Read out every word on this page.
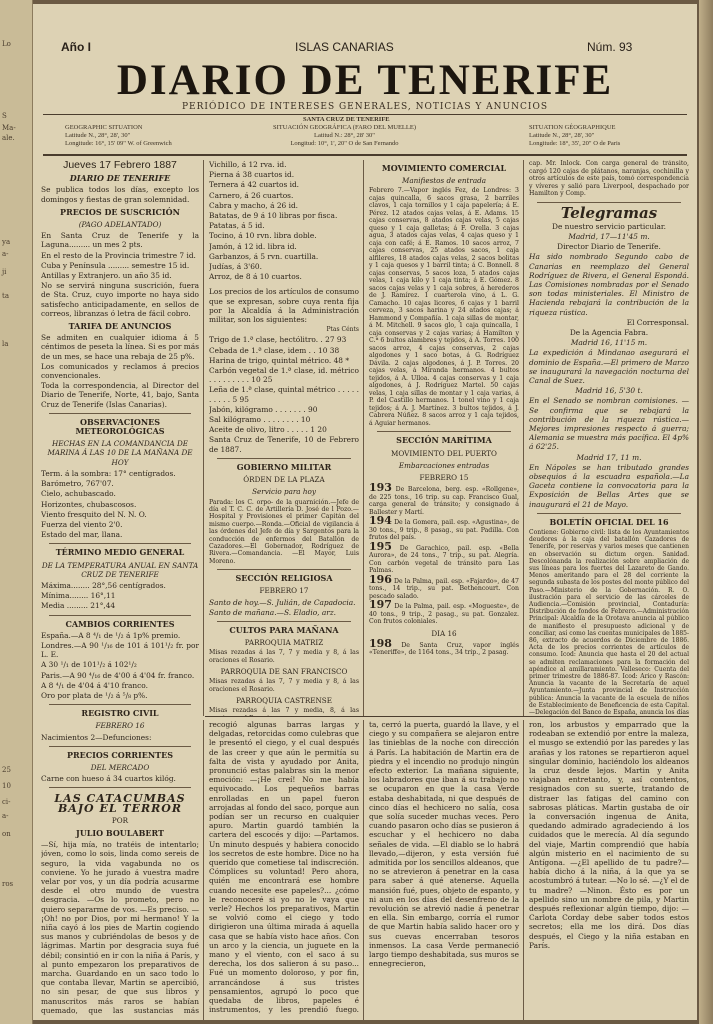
Lo
S
Ma-
ale.
ya
a-
ji
ta
la
25
10
ci-
a-
on
ros
Año I	ISLAS CANARIAS	Núm. 93
DIARIO DE TENERIFE
PERIÓDICO DE INTERESES GENERALES, NOTICIAS Y ANUNCIOS
SANTA CRUZ DE TENERIFE
GEOGRAPHIC SITUATION
Latitude N., 28°, 28', 30"
Longitude: 16°, 15' 09" W. of Greenwich
SITUACIÓN GEOGRÁFICA (FARO DEL MUELLE)
Latitud N.: 28°, 28' 30"
Longitud: 10°, 1', 20" O de San Fernando
SITUATION GÉOGRAPHIQUE
Latitude N., 28°, 28', 30"
Longitude: 18°, 35', 20" O de Paris
Jueves 17 Febrero 1887
DIARIO DE TENERIFE

Se publica todos los días, excepto los domingos y fiestas de gran solemnidad.

PRECIOS DE SUSCRICIÓN
(PAGO ADELANTADO)

En Santa Cruz de Tenerife y la Laguna......... un mes 2 pts.

En el resto de la Provincia trimestre 7 id.

Cuba y Península ......... semestre 15 id.

Antillas y Extranjero. un año 35 id.

No se servirá ninguna suscrición, fuera de Sta. Cruz, cuyo importe no haya sido satisfecho anticipadamente, en sellos de correos, libranzas ó letra de fácil cobro.

TARIFA DE ANUNCIOS

Se admiten en cualquier idioma á 5 céntimos de peseta la línea. Si es por más de un mes, se hace una rebaja de 25 p%.

Los comunicados y reclamos á precios convencionales.

Toda la correspondencia, al Director del Diario de Tenerife, Norte, 41, bajo, Santa Cruz de Tenerife (Islas Canarias).

OBSERVACIONES METEOROLÓGICAS
HECHAS EN LA COMANDANCIA DE MARINA Á LAS 10 DE LA MAÑANA DE HOY

Term. á la sombra: 17° centígrados.

Barómetro, 767'07.

Cielo, achubascado.

Horizontes, chubascosos.

Viento fresquito del N. N. O.

Fuerza del viento 2'0.

Estado del mar, llana.

TÉRMINO MEDIO GENERAL
DE LA TEMPERATURA ANUAL EN SANTA CRUZ DE TENERIFE

Máxima........ 28°,56 centígrados.

Mínima........ 16°,11

Media ......... 21°,44

CAMBIOS CORRIENTES

España.—A 8 ⁴/₁ de ¹/₂ á 1p% premio.

Londres.—A 90 ¹/₁₆ de 101 á 101¹/₂ fr. por L. E.

A 30 ¹/₁ de 101¹/₂ á 102¹/₂

Paris.—A 90 ⁴/₁₆ de 4'00 á 4'04 fr. franco.

A 8 ⁴/₁ de 4'04 á 4'10 franco.

Oro por plata de ¹/₂ á ⁵/₈ p%.

REGISTRO CIVIL
FEBRERO 16

Nacimientos 2—Defunciones:

PRECIOS CORRIENTES
DEL MERCADO

Carne con hueso á 34 cuartos kilóg.

LAS CATACUMBAS BAJO EL TERROR
POR
JULIO BOULABERT

—Sí, hija mía, no tratéis de intentarlo; jóven, como lo sois, linda como sereis de seguro, la vida vagabunda no os conviene. Yo he jurado á vuestra madre velar por vos, y un día podría acusarme desde el otro mundo de vuestra desgracia. —Os lo prometo, pero no quiero separarme de vos. —Es preciso. —¡Oh! no por Dios, por mi hermano! Y la niña cayó á los pies de Martin cogiendo sus manos y cubriéndolas de besos y de lágrimas. Martin por desgracia suya fué débil; consintió en ir con la niña á París, y al punto empezaron los preparativos de marcha. Guardando en un saco todo lo que contaba llevar, Martin se apercibió, no sin pesar, de que sus libros y manuscritos más raros se habían quemado, que las sustancias más

Vichillo, á 12 rva. id.

Pierna á 38 cuartos id.

Ternera á 42 cuartos id.

Carnero, á 26 cuartos.

Cabra y macho, á 26 id.

Batatas, de 9 á 10 libras por fisca.

Patatas, á 5 id.

Tocino, á 10 rvn. libra doble.

Jamón, á 12 id. libra id.

Garbanzos, á 5 rvn. cuartilla.

Judías, á 3'60.

Arroz, de 8 á 10 cuartos.

Los precios de los artículos de consumo que se expresan, sobre cuya renta fija por la Alcaldía á la Administración militar, son los siguientes:

Ptas Cénts

Trigo de 1.ª clase, hectólitro. . 27 93

Cebada de 1.ª clase, idem . . 10 38

Harina de trigo, quintal métrico. 48 *

Carbón vegetal de 1.ª clase, id. métrico . . . . . . . . . 10 25

Leña de 1.ª clase, quintal métrico . . . . . . . . . . 5 95

Jabón, kilógramo . . . . . . . 90

Sal kilógramo . . . . . . . . 10

Aceite de olivo, litro . . . . . 1 20

Santa Cruz de Tenerife, 10 de Febrero de 1887.

GOBIERNO MILITAR
ÓRDEN DE LA PLAZA
Servicio para hoy

Parada: los C. orpo- de la guarnición.—Jefe de día el T. C. C. de Artillería D. José de l Pozo.—Hospital y Provisiones el primer Capitán del mismo cuerpo.—Ronda.—Oficial de vigilancia á las órdenes del Jefe de día y Sargentos para la conducción de enfermos del Batallón de Cazadores.—El Gobernador, Rodríguez de Rivera.—Comandancia. —El Mayor, Luis Moreno.

SECCIÓN RELIGIOSA
FEBRERO 17

Santo de hoy.—S. Julián, de Capadocia.

Santo de mañana.—S. Eladio, arz.

CULTOS PARA MAÑANA
PARROQUIA MATRIZ

Misas rezadas á las 7, 7 y media y 8, á las oraciones el Rosario.

PARROQUIA DE SAN FRANCISCO

Misas rezadas á las 7, 7 y media y 8, á las oraciones el Rosario.

PARROQUIA CASTRENSE

Misas rezadas á las 7 y media, 8, á las

MOVIMIENTO COMERCIAL
Manifiestos de entrada

Febrero 7.—Vapor inglés Fez, de Londres: 3 cajas quincalla, 6 sacos grasa, 2 barriles clavos, 1 caja tornillos y 1 caja papelería; á E. Pérez. 12 atados cajas velas, á E. Adams. 15 cajas conservas, 8 atados cajas velas, 5 cajas queso y 1 caja galletas; á F. Orella. 3 cajas agua, 3 atados cajas velas, 4 cajas queso y 1 caja con café; á E. Ramos. 10 sacos arroz, 7 cajas conservas, 25 atados sacos, 1 caja alfileres, 18 atados cajas velas, 2 sacos bolitas y 1 caja quesos y 1 barril tinta; á C. Bonnell. 8 cajas conservas, 5 sacos loza, 5 atados cajas velas, 1 caja kilo y 1 caja tinta; á E. Gómez. 8 sacos cajas velas y 1 caja sobres, á herederos de J. Ramírez. 1 cuarterola vino, á L. G. Camacho. 10 cajas licores, 6 cajas y 1 barril cerveza, 3 sacos harina y 24 atados cajas; á Hammond y Compañía. 1 caja sillas de montar, á M. Mitchell. 9 sacos glo, 1 caja quincalla, 1 caja conservas y 2 cajas varias; á Hamilton y C.ª 6 bultos alambres y tejidos, á A. Torres. 100 sacos arroz, 4 cajas conservas, 2 cajas algodones y 1 saco botas, á G. Rodríguez Dávila. 2 cajas algodones, á J. P. Torres. 20 cajas velas, á Miranda hermanos. 4 bultos tejidos, á A. Ulloa. 4 cajas conservas y 1 caja algodones, á J. Rodríguez Martel. 50 cajas velas, 1 caja sillas de montar y 1 caja varias, á P. del Castillo hermanos. 1 tonel vino y 1 caja tejidos; á A. J. Martínez. 3 bultos tejidos, á J. Cabrera Núñez. 8 sacos arroz y 1 caja tejidos, á Aguiar hermanos.

SECCIÓN MARÍTIMA
MOVIMIENTO DEL PUERTO
Embarcaciones entradas
FEBRERO 15

193 De Barcelona, berg. esp. «Rollgene», de 225 tons., 16 trip. su cap. Francisco Gual, carga general de tránsito; y consignado á Ballester y Martí.

194 De la Gomera, pail. esp. «Agustina», de 30 tons., 9 trip., 8 pasag., su pat. Padilla. Con frutos del país.

195 De Garachico, pail. esp. «Bella Aurora», de 24 tons., 7 trip., su pat. Alegría. Con carbón vegetal de tránsito para Las Palmas.

196 De la Palma, pail. esp. «Fajardo», de 47 tons., 14 trip., su pat. Bethencourt. Con pescado salado.

197 De la Palma, pail. esp. «Mogueste», de 40 tons., 9 trip., 2 pasag., su pat. Gonzalez. Con frutos coloniales.

DIA 16

198 De Santa Cruz, vapor inglés «Teneriffe», de 1164 tons., 34 trip., 2 pasag.

cap. Mr. Inlock. Con carga general de tránsito, cargó 120 cajas de plátanos, naranjas, cochinilla y otros artículos de este país, tomó correspondencia y víveres y salió para Liverpool, despachado por Hamilton y Comp.

Telegramas

De nuestro servicio particular.

Madrid, 17—11'45 m.

Director Diario de Tenerife.

Ha sido nombrado Segundo cabo de Canarias en reemplazo del General Rodríguez de Rivera, el General Espondá. Las Comisiones nombradas por el Senado son todas ministeriales. El Ministro de Hacienda rebajará la contribución de la riqueza rústica.

El Corresponsal.

De la Agencia Fabra.

Madrid 16, 11'15 m.

La expedición á Mindanao asegurará el dominio de España.—El primero de Marzo se inaugurará la navegación nocturna del Canal de Suez.

Madrid 16, 5'30 t.

En el Senado se nombran comisiones. —Se confirma que se rebajará la contribución de la riqueza rústica.—Mejores impresiones respecto á guerra; Alemania se muestra más pacífica. El 4p% á 62'25.

Madrid 17, 11 m.

En Nápoles se han tributado grandes obsequios á la escuadra española.—La Gaceta contiene la convocatoria para la Exposición de Bellas Artes que se inaugurará el 21 de Mayo.

BOLETÍN OFICIAL DEL 16

Contiene: Gobierno civil: lista de los Ayuntamientos deudores á la caja del batallón Cazadores de Tenerife, por reservas y varios meses que cantienen en observación su dictum orgen. Sanidad. Descolónanda la realización sobre ampliación de sus líneas para los fuertes del Lazareto de Gando. Menos ameritando para el 28 del corriente la segunda subasta de los postes del monte público del Paso.—Ministerio de la Gobernación. R. O. ilustración para el servicio de las cárceles de Audiencia.—Comisión provincial, Contaduría: Distribución de fondos de Febrero.—Administración Principal: Alcaldía de la Orotava anuncia al público de manifiesto el presupuesto adicional y de conciliar, así como las cuentas municipales de 1885-86, extracto de acuerdos de Diciembre de 1886. Acta de los precios corrientes de artículos de consumo. Icod: Anuncia que hasta el 20 del actual se admiten reclamaciones para la formación del apéndice al amillaramiento. Valleseco: Cuenta del primer trimestre de 1886-87. Icod: Arico y Rascón: Anuncia la vacante de la Secretaría de aquel Ayuntamiento.—Junta provincial de Instrucción pública: Anuncia la vacante de la escuela de niños de Establecimiento de Beneficencia de esta Capital.—Delegación del Banco de España, anuncia los días

recogió algunas barras largas y delgadas, retorcidas como culebras que le presentó el ciego, y el cual después de las creer y que aún le permitía su falta de vista y ayudado por Anita, pronunció estas palabras sin la menor emoción: —¡He creí! No me había equivocado. Los pequeños barras enrolladas en un papel fueron arrojadas al fondo del saco, porque aun podían ser un recurso en cualquier apuro. Martin guardó también la cartera del escocés y dijo: —Partamos. Un minuto después y habiera conocido los secretos de este hombre. Dice no ha querido que cometiese tal indiscreción. Cómplices su voluntad! Pero ahora, quién me encontrará ese hombre cuando necesite ese papeles?... ¿cómo le reconoceré si yo no le vaya que verle? Hechos los preparativos, Martin se volvió como el ciego y todo dirigieron una última mirada á aquella casa que se había visto hace años. Con un arco y la ciencia, un juguete en la mano y el viento, con el saco á su derecha, los dos salieron á su paso... Fué un momento doloroso, y por fin, arrancándose á sus tristes pensamientos, agrupó lo poco que quedaba de libros, papeles é instrumentos, y les prendió fuego.

ta, cerró la puerta, guardó la llave, y el ciego y su compañera se alejaron entre las tinieblas de la noche con dirección á París. La habitación de Martin era de piedra y el incendio no produjo ningún efecto exterior. La mañana siguiente, los labradores que iban á su trabajo no se ocuparon en que la casa Verde estaba deshabitada, ni que después de cinco días el hechicero no salía, cosa que solía suceder muchas veces. Pero cuando pasaron ocho días se pusieron á escuchar y el hechicero no daba señales de vida. —El diablo se lo habrá llevado,—dijeron, y esta versión fué admitida por los sencillos aldeanos, que no se atrevieron á penetrar en la casa para saber á qué atenerse. Aquella mansión fué, pues, objeto de espanto, y ni aun en los días del desenfreno de la revolución se atrevió nadie á penetrar en ella. Sin embargo, corría el rumor de que Martin había salido hacer oro y sus cuevas encerraban tesoros inmensos. La casa Verde permaneció largo tiempo deshabitada, sus muros se ennegrecieron,

ron, los arbustos y emparrado que la rodeaban se extendió por entre la maleza, el musgo se extendió por las paredes y las arañas y los ratones se repartieron aquel singular dominio, haciéndolo los aldeanos la cruz desde lejos. Martin y Anita viajaban entretanto, y, así contentos, resignados con su suerte, tratando de distraer las fatigas del camino con sabrosas pláticas. Martin gustaba de oír la conversación ingenua de Anita, quedando admirado agradeciendo á los cuidados que le merecía. Al día segundo del viaje, Martin comprendió que había algún misterio en el nacimiento de su Antígona. —¿El apellido de tu padre?—había dicho á la niña, á la que ya se acostumbró á tutear. —No lo sé. —¿Y el de tu madre? —Ninon. Ésto es por un apellido sino un nombre de pila, y Martin después reflexionar algún tiempo, dijo: —Carlota Corday debe saber todos estos secretos; ella me los dirá. Dos días después, el Ciego y la niña estaban en París.
